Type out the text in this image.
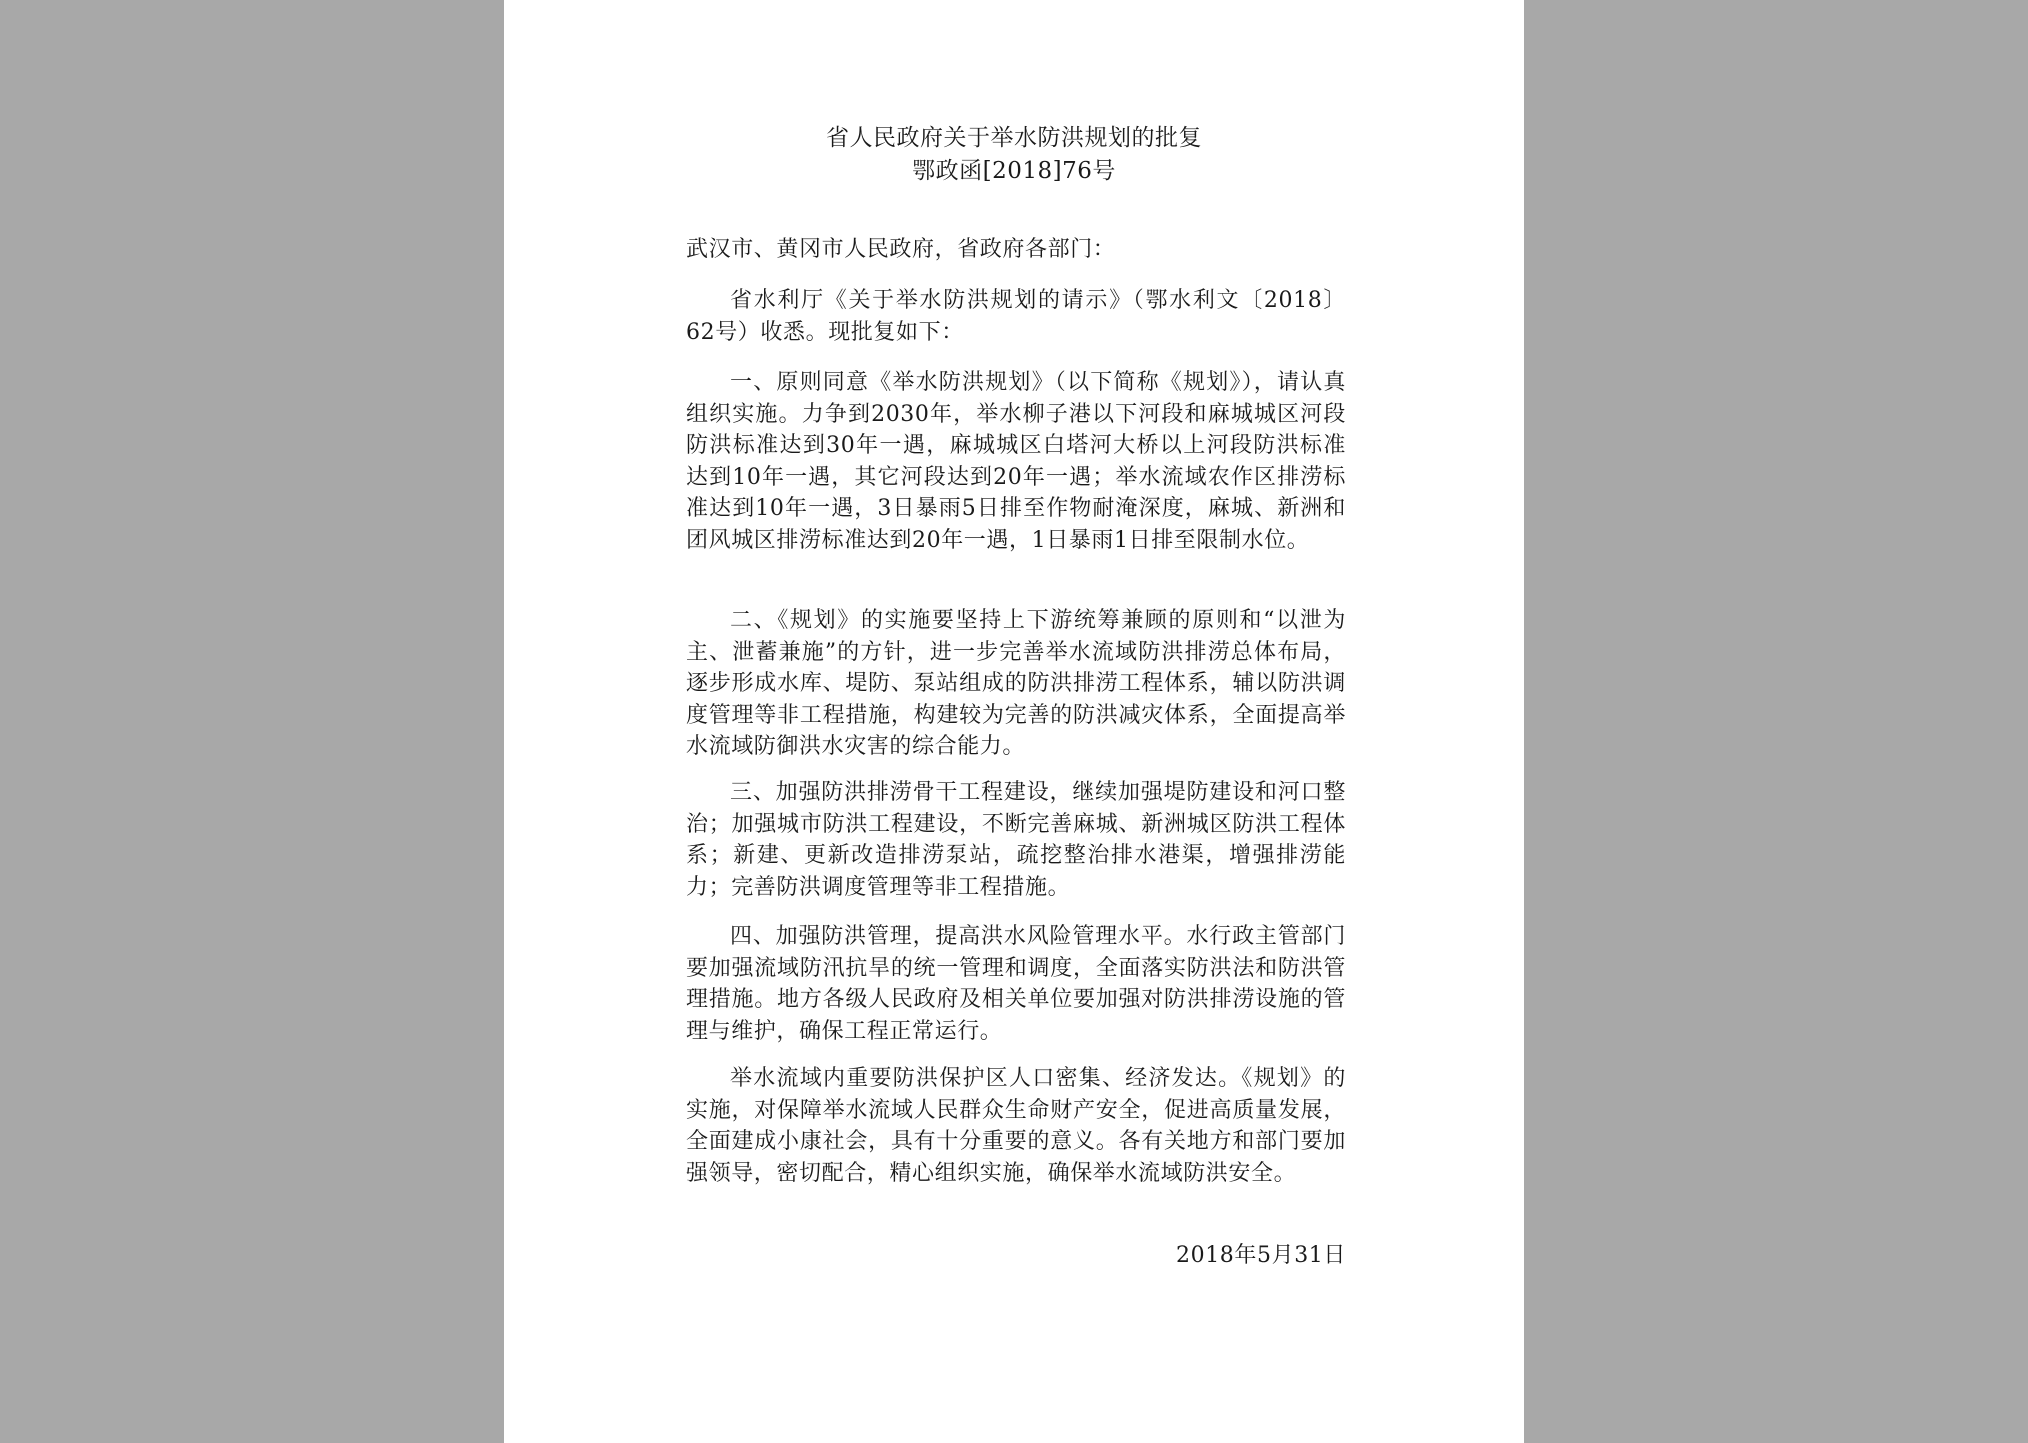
省人民政府关于举水防洪规划的批复
鄂政函[2018]76号
武汉市、黄冈市人民政府，省政府各部门：

省水利厅《关于举水防洪规划的请示》（鄂水利文〔2018〕62号）收悉。现批复如下：

一、原则同意《举水防洪规划》（以下简称《规划》），请认真组织实施。力争到2030年，举水柳子港以下河段和麻城城区河段防洪标准达到30年一遇，麻城城区白塔河大桥以上河段防洪标准达到10年一遇，其它河段达到20年一遇；举水流域农作区排涝标准达到10年一遇，3日暴雨5日排至作物耐淹深度，麻城、新洲和团风城区排涝标准达到20年一遇，1日暴雨1日排至限制水位。

二、《规划》的实施要坚持上下游统筹兼顾的原则和“以泄为主、泄蓄兼施”的方针，进一步完善举水流域防洪排涝总体布局，逐步形成水库、堤防、泵站组成的防洪排涝工程体系，辅以防洪调度管理等非工程措施，构建较为完善的防洪减灾体系，全面提高举水流域防御洪水灾害的综合能力。

三、加强防洪排涝骨干工程建设，继续加强堤防建设和河口整治；加强城市防洪工程建设，不断完善麻城、新洲城区防洪工程体系；新建、更新改造排涝泵站，疏挖整治排水港渠，增强排涝能力；完善防洪调度管理等非工程措施。

四、加强防洪管理，提高洪水风险管理水平。水行政主管部门要加强流域防汛抗旱的统一管理和调度，全面落实防洪法和防洪管理措施。地方各级人民政府及相关单位要加强对防洪排涝设施的管理与维护，确保工程正常运行。

举水流域内重要防洪保护区人口密集、经济发达。《规划》的实施，对保障举水流域人民群众生命财产安全，促进高质量发展，全面建成小康社会，具有十分重要的意义。各有关地方和部门要加强领导，密切配合，精心组织实施，确保举水流域防洪安全。

2018年5月31日
